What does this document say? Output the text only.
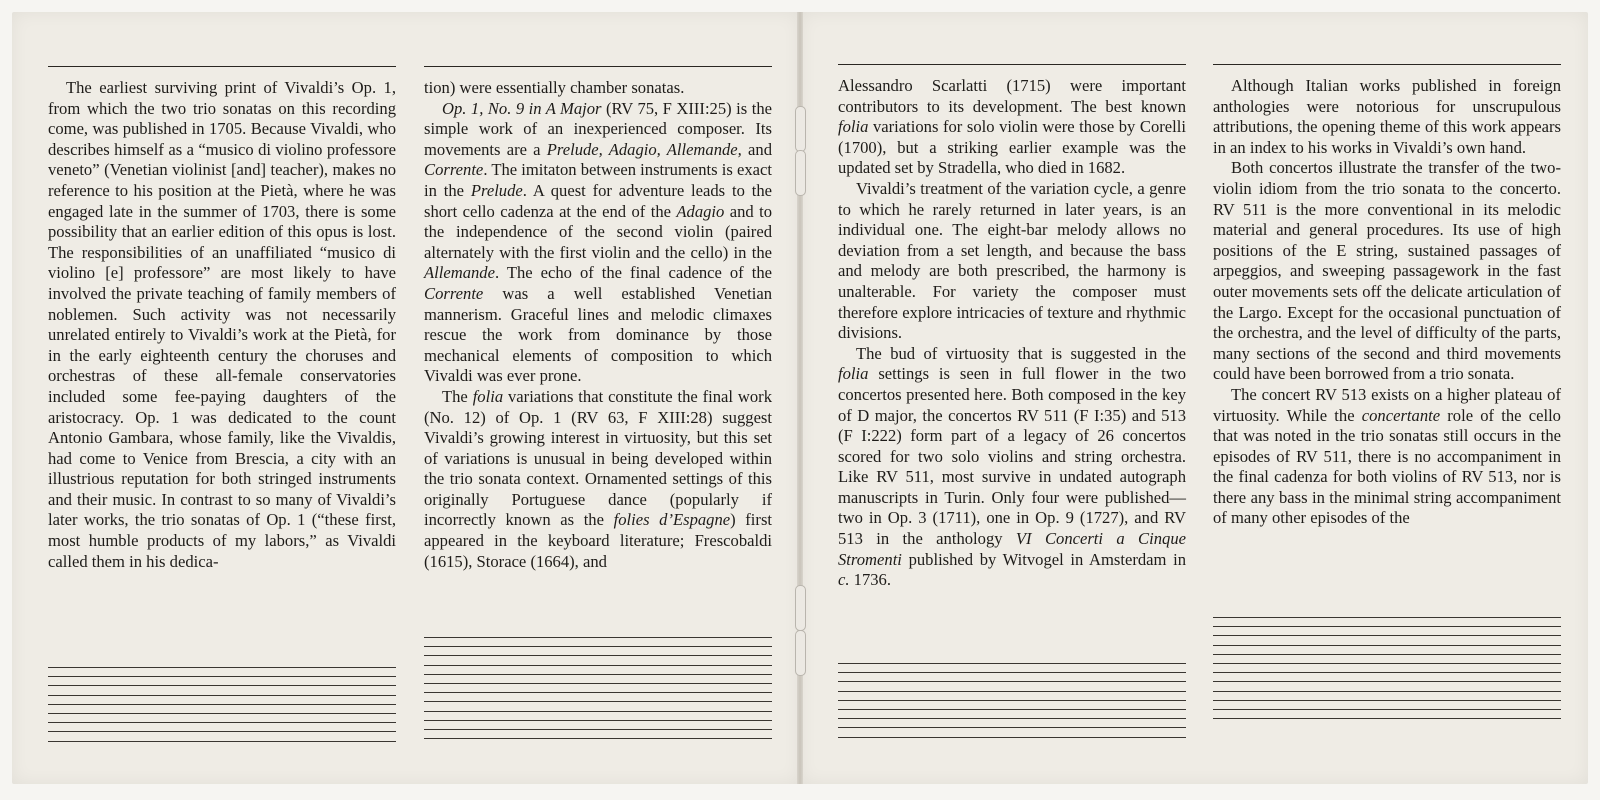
The earliest surviving print of Vivaldi’s Op. 1, from which the two trio sonatas on this recording come, was published in 1705. Because Vivaldi, who describes himself as a “musico di violino professore veneto” (Venetian violinist [and] teacher), makes no reference to his position at the Pietà, where he was engaged late in the summer of 1703, there is some possibility that an earlier edition of this opus is lost. The responsibilities of an unaffiliated “musico di violino [e] professore” are most likely to have involved the private teaching of family members of noblemen. Such activity was not necessarily unrelated entirely to Vivaldi’s work at the Pietà, for in the early eighteenth century the choruses and orchestras of these all-female conservatories included some fee-paying daughters of the aristocracy. Op. 1 was dedicated to the count Antonio Gambara, whose family, like the Vivaldis, had come to Venice from Brescia, a city with an illustrious reputation for both stringed instruments and their music. In contrast to so many of Vivaldi’s later works, the trio sonatas of Op. 1 (“these first, most humble products of my labors,” as Vivaldi called them in his dedica-

tion) were essentially chamber sonatas.

Op. 1, No. 9 in A Major (RV 75, F XIII:25) is the simple work of an inexperienced composer. Its movements are a Prelude, Adagio, Allemande, and Corrente. The imitaton between instruments is exact in the Prelude. A quest for adventure leads to the short cello cadenza at the end of the Adagio and to the independence of the second violin (paired alternately with the first violin and the cello) in the Allemande. The echo of the final cadence of the Corrente was a well established Venetian mannerism. Graceful lines and melodic climaxes rescue the work from dominance by those mechanical elements of composition to which Vivaldi was ever prone.

The folia variations that constitute the final work (No. 12) of Op. 1 (RV 63, F XIII:28) suggest Vivaldi’s growing interest in virtuosity, but this set of variations is unusual in being developed within the trio sonata context. Ornamented settings of this originally Portuguese dance (popularly if incorrectly known as the folies d’Espagne) first appeared in the keyboard literature; Frescobaldi (1615), Storace (1664), and

Alessandro Scarlatti (1715) were important contributors to its development. The best known folia variations for solo violin were those by Corelli (1700), but a striking earlier example was the updated set by Stradella, who died in 1682.

Vivaldi’s treatment of the variation cycle, a genre to which he rarely returned in later years, is an individual one. The eight-bar melody allows no deviation from a set length, and because the bass and melody are both prescribed, the harmony is unalterable. For variety the composer must therefore explore intricacies of texture and rhythmic divisions.

The bud of virtuosity that is suggested in the folia settings is seen in full flower in the two concertos presented here. Both composed in the key of D major, the concertos RV 511 (F I:35) and 513 (F I:222) form part of a legacy of 26 concertos scored for two solo violins and string orchestra. Like RV 511, most survive in undated autograph manuscripts in Turin. Only four were published—two in Op. 3 (1711), one in Op. 9 (1727), and RV 513 in the anthology VI Concerti a Cinque Stromenti published by Witvogel in Amsterdam in c. 1736.

Although Italian works published in foreign anthologies were notorious for unscrupulous attributions, the opening theme of this work appears in an index to his works in Vivaldi’s own hand.

Both concertos illustrate the transfer of the two-violin idiom from the trio sonata to the concerto. RV 511 is the more conventional in its melodic material and general procedures. Its use of high positions of the E string, sustained passages of arpeggios, and sweeping passagework in the fast outer movements sets off the delicate articulation of the Largo. Except for the occasional punctuation of the orchestra, and the level of difficulty of the parts, many sections of the second and third movements could have been borrowed from a trio sonata.

The concert RV 513 exists on a higher plateau of virtuosity. While the concertante role of the cello that was noted in the trio sonatas still occurs in the episodes of RV 511, there is no accompaniment in the final cadenza for both violins of RV 513, nor is there any bass in the minimal string accompaniment of many other episodes of the
